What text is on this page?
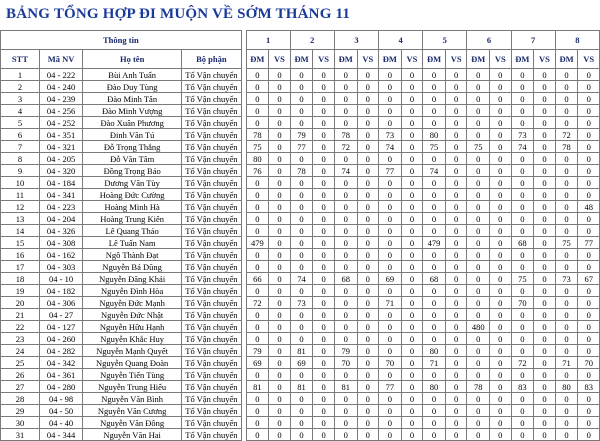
BẢNG TỔNG HỢP ĐI MUỘN VỀ SỚM THÁNG 11
Thông tin					1		2		3		4		5		6		7		8	
STT	Mã NV	Họ tên	Bộ phận		ĐM	VS	ĐM	VS	ĐM	VS	ĐM	VS	ĐM	VS	ĐM	VS	ĐM	VS	ĐM	VS
1	04 - 222	Bùi Anh Tuấn	Tổ Vận chuyển		0	0	0	0	0	0	0	0	0	0	0	0	0	0	0	0
2	04 - 240	Đào Duy Tùng	Tổ Vận chuyển		0	0	0	0	0	0	0	0	0	0	0	0	0	0	0	0
3	04 - 239	Đào Minh Tân	Tổ Vận chuyển		0	0	0	0	0	0	0	0	0	0	0	0	0	0	0	0
4	04 - 256	Đào Minh Vượng	Tổ Vận chuyển		0	0	0	0	0	0	0	0	0	0	0	0	0	0	0	0
5	04 - 252	Đào Xuân Phương	Tổ Vận chuyển		0	0	0	0	0	0	0	0	0	0	0	0	0	0	0	0
6	04 - 351	Đinh Văn Tú	Tổ Vận chuyển		78	0	79	0	78	0	73	0	80	0	0	0	73	0	72	0
7	04 - 321	Đỗ Trọng Thắng	Tổ Vận chuyển		75	0	77	0	72	0	74	0	75	0	75	0	74	0	78	0
8	04 - 205	Đỗ Văn Tâm	Tổ Vận chuyển		80	0	0	0	0	0	0	0	0	0	0	0	0	0	0	0
9	04 - 320	Đồng Trọng Bảo	Tổ Vận chuyển		76	0	78	0	74	0	77	0	74	0	0	0	0	0	0	0
10	04 - 184	Dương Văn Tùy	Tổ Vận chuyển		0	0	0	0	0	0	0	0	0	0	0	0	0	0	0	0
11	04 - 341	Hoàng Đức Cường	Tổ Vận chuyển		0	0	0	0	0	0	0	0	0	0	0	0	0	0	0	0
12	04 - 223	Hoàng Minh Hà	Tổ Vận chuyển		0	0	0	0	0	0	0	0	0	0	0	0	0	0	0	48
13	04 - 204	Hoàng Trung Kiên	Tổ Vận chuyển		0	0	0	0	0	0	0	0	0	0	0	0	0	0	0	0
14	04 - 326	Lê Quang Thảo	Tổ Vận chuyển		0	0	0	0	0	0	0	0	0	0	0	0	0	0	0	0
15	04 - 308	Lê Tuấn Nam	Tổ Vận chuyển		479	0	0	0	0	0	0	0	479	0	0	0	68	0	75	77
16	04 - 162	Ngô Thành Đạt	Tổ Vận chuyển		0	0	0	0	0	0	0	0	0	0	0	0	0	0	0	0
17	04 - 303	Nguyễn Bá Dũng	Tổ Vận chuyển		0	0	0	0	0	0	0	0	0	0	0	0	0	0	0	0
18	04 - 10	Nguyễn Đăng Khải	Tổ Vận chuyển		66	0	74	0	68	0	69	0	68	0	0	0	75	0	73	67
19	04 - 182	Nguyễn Đình Hòa	Tổ Vận chuyển		0	0	0	0	0	0	0	0	0	0	0	0	0	0	0	0
20	04 - 306	Nguyễn Đức Mạnh	Tổ Vận chuyển		72	0	73	0	0	0	71	0	0	0	0	0	70	0	0	0
21	04 - 27	Nguyễn Đức Nhật	Tổ Vận chuyển		0	0	0	0	0	0	0	0	0	0	0	0	0	0	0	0
22	04 - 127	Nguyễn Hữu Hạnh	Tổ Vận chuyển		0	0	0	0	0	0	0	0	0	0	480	0	0	0	0	0
23	04 - 260	Nguyễn Khắc Huy	Tổ Vận chuyển		0	0	0	0	0	0	0	0	0	0	0	0	0	0	0	0
24	04 - 282	Nguyễn Mạnh Quyết	Tổ Vận chuyển		79	0	81	0	79	0	0	0	80	0	0	0	0	0	0	0
25	04 - 342	Nguyễn Quang Đoàn	Tổ Vận chuyển		69	0	69	0	70	0	70	0	71	0	0	0	72	0	71	70
26	04 - 361	Nguyễn Tiến Tùng	Tổ Vận chuyển		0	0	0	0	0	0	0	0	0	0	0	0	0	0	0	0
27	04 - 280	Nguyễn Trung Hiếu	Tổ Vận chuyển		81	0	81	0	81	0	77	0	80	0	78	0	83	0	80	83
28	04 - 98	Nguyễn Văn Bình	Tổ Vận chuyển		0	0	0	0	0	0	0	0	0	0	0	0	0	0	0	0
29	04 - 50	Nguyễn Văn Cương	Tổ Vận chuyển		0	0	0	0	0	0	0	0	0	0	0	0	0	0	0	0
30	04 - 40	Nguyễn Văn Đông	Tổ Vận chuyển		0	0	0	0	0	0	0	0	0	0	0	0	0	0	0	0
31	04 - 344	Nguyễn Văn Hai	Tổ Vận chuyển		0	0	0	0	0	0	0	0	0	0	0	0	0	0	0	0
